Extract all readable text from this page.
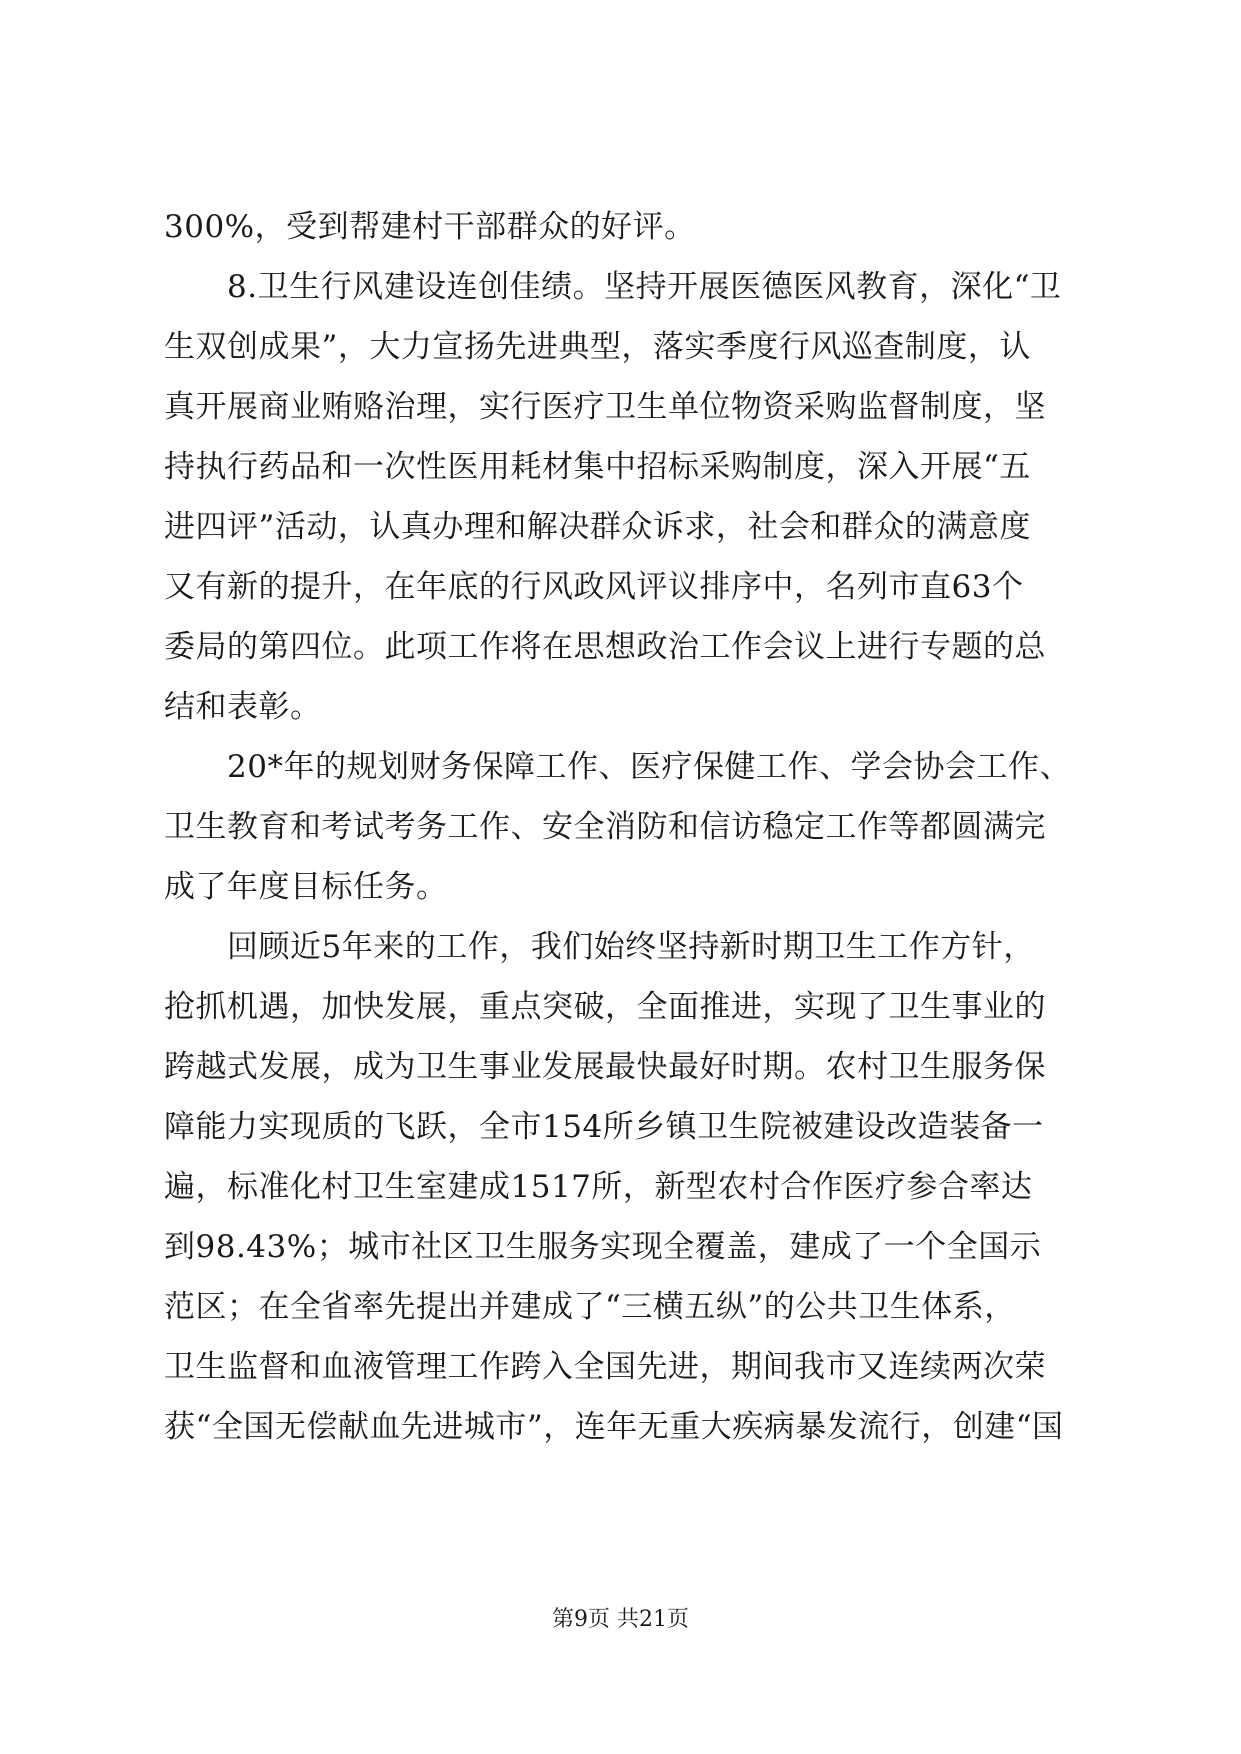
300%，受到帮建村干部群众的好评。
　　8.卫生行风建设连创佳绩。坚持开展医德医风教育，深化“卫
生双创成果”，大力宣扬先进典型，落实季度行风巡查制度，认
真开展商业贿赂治理，实行医疗卫生单位物资采购监督制度，坚
持执行药品和一次性医用耗材集中招标采购制度，深入开展“五
进四评”活动，认真办理和解决群众诉求，社会和群众的满意度
又有新的提升，在年底的行风政风评议排序中，名列市直63个
委局的第四位。此项工作将在思想政治工作会议上进行专题的总
结和表彰。
　　20*年的规划财务保障工作、医疗保健工作、学会协会工作、
卫生教育和考试考务工作、安全消防和信访稳定工作等都圆满完
成了年度目标任务。
　　回顾近5年来的工作，我们始终坚持新时期卫生工作方针，
抢抓机遇，加快发展，重点突破，全面推进，实现了卫生事业的
跨越式发展，成为卫生事业发展最快最好时期。农村卫生服务保
障能力实现质的飞跃，全市154所乡镇卫生院被建设改造装备一
遍，标准化村卫生室建成1517所，新型农村合作医疗参合率达
到98.43%；城市社区卫生服务实现全覆盖，建成了一个全国示
范区；在全省率先提出并建成了“三横五纵”的公共卫生体系，
卫生监督和血液管理工作跨入全国先进，期间我市又连续两次荣
获“全国无偿献血先进城市”，连年无重大疾病暴发流行，创建“国
第9页 共21页
